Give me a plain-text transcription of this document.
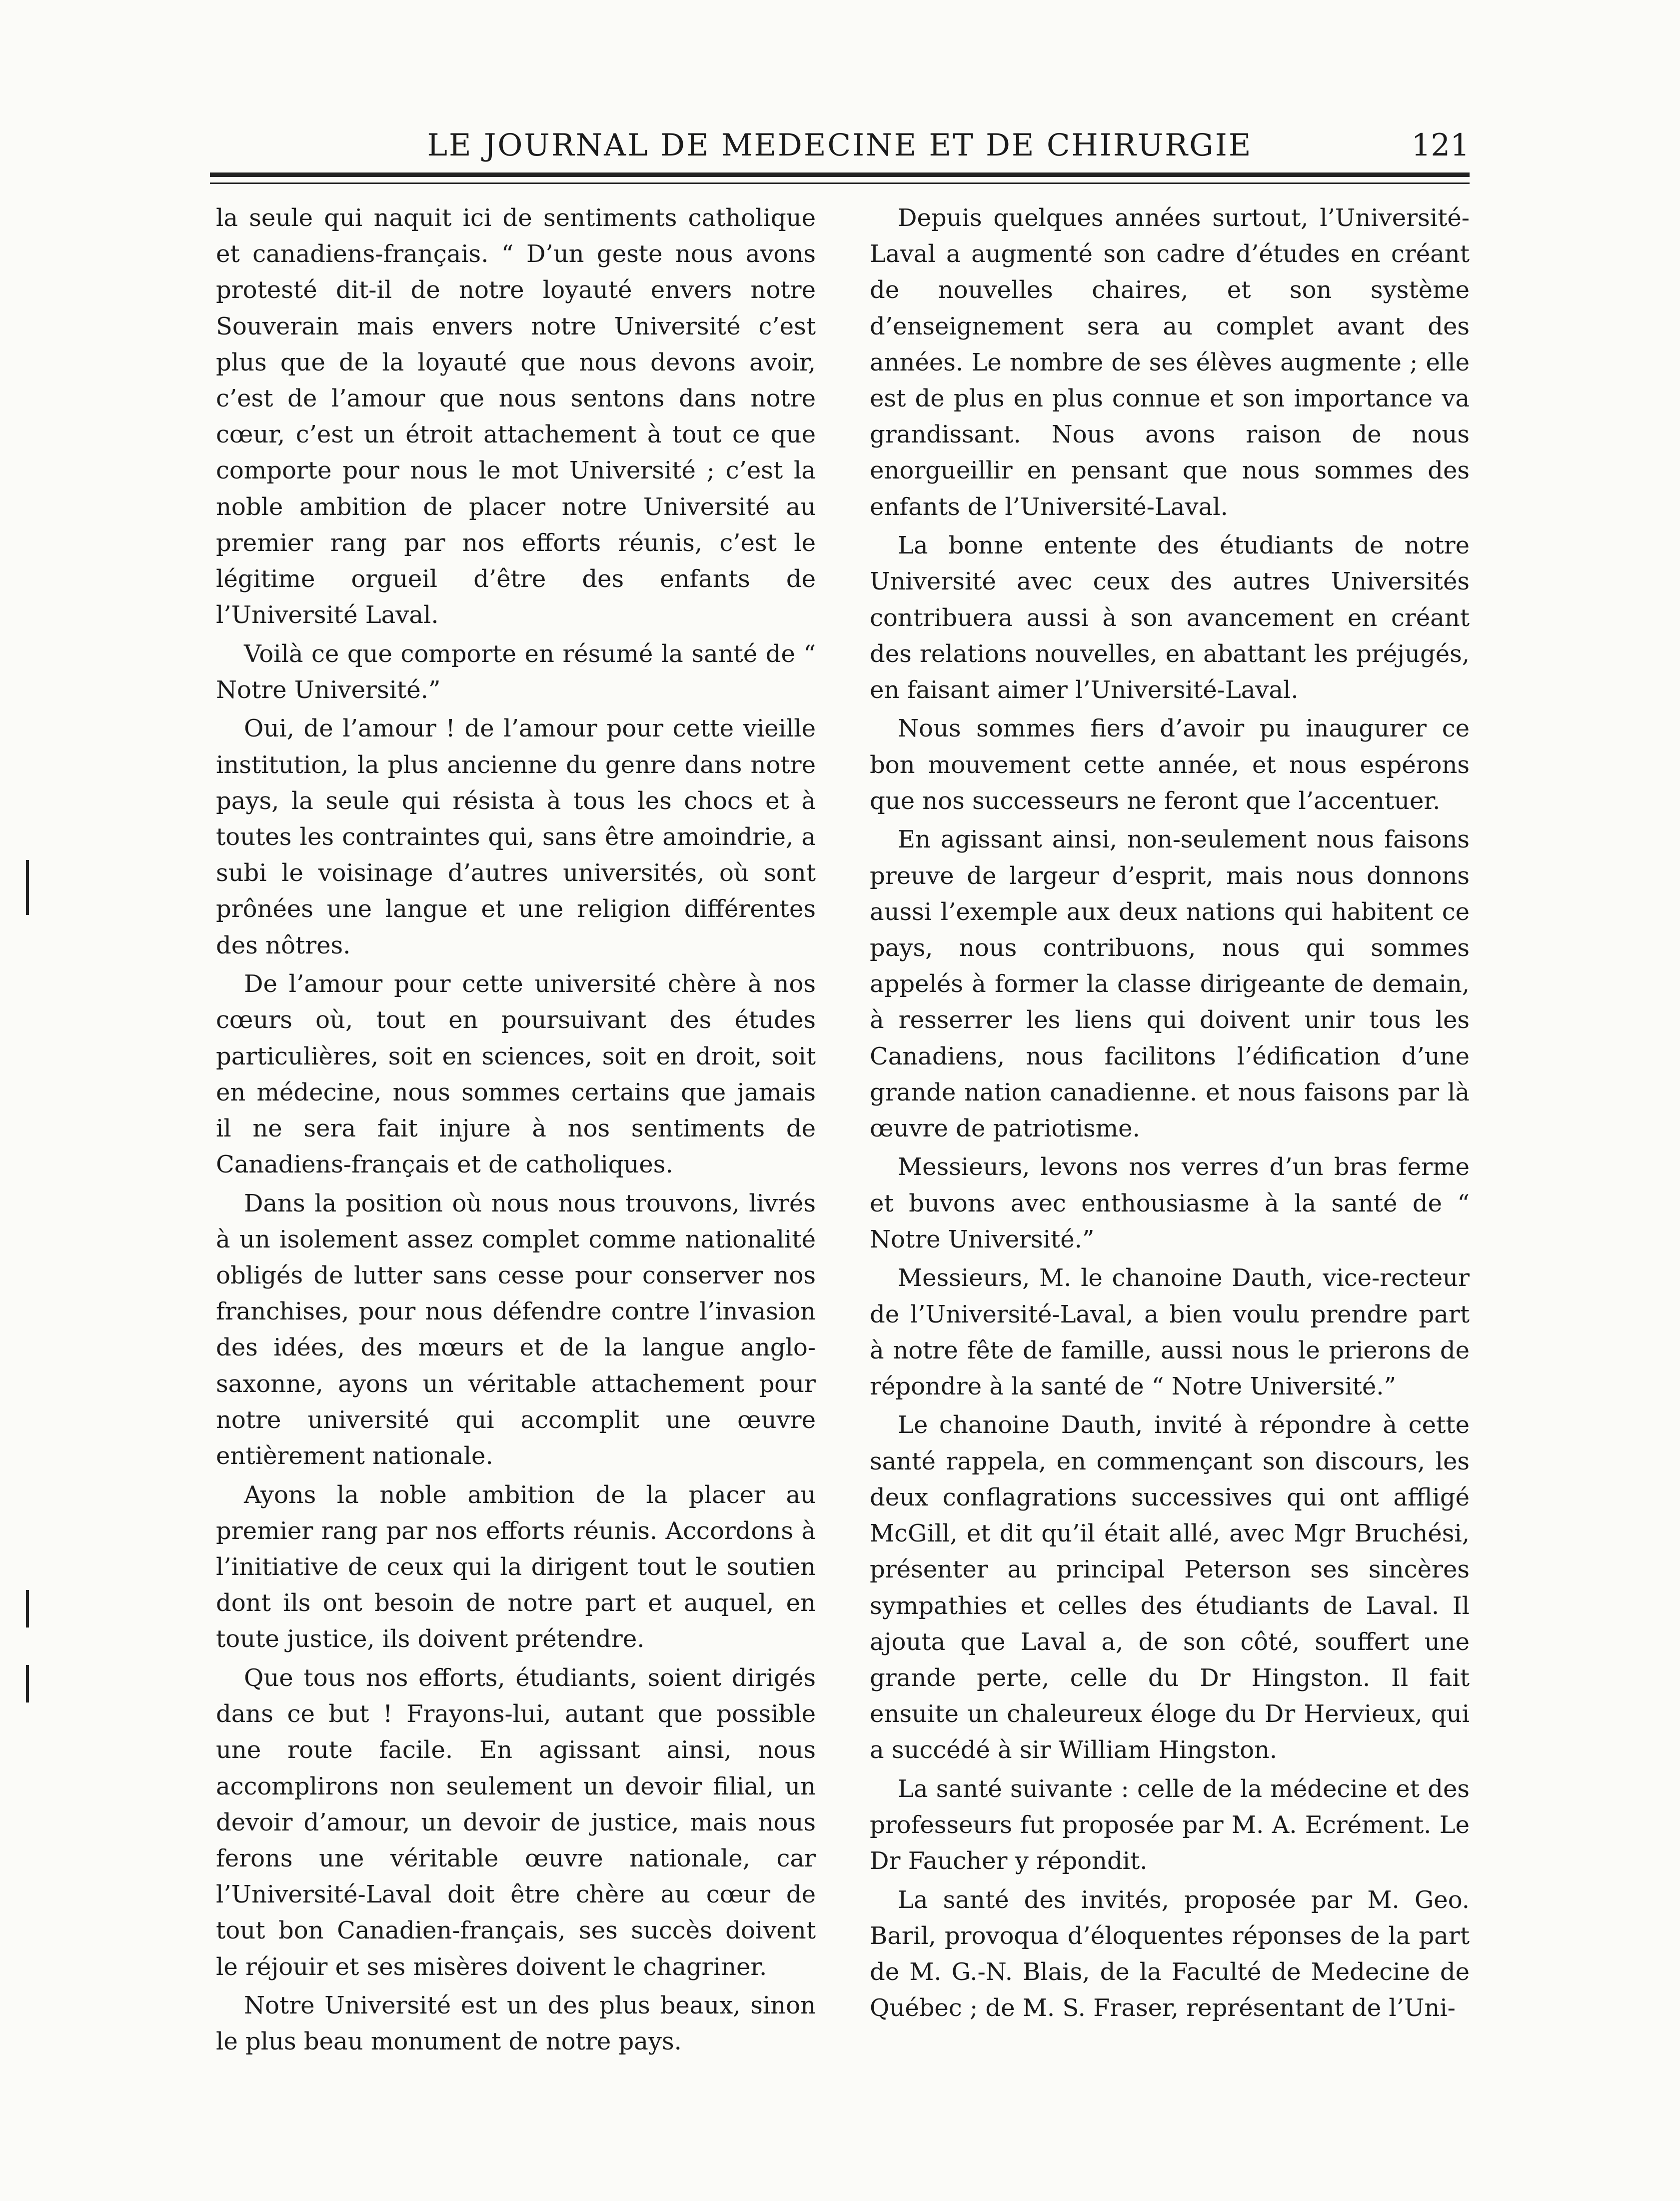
LE JOURNAL DE MEDECINE ET DE CHIRURGIE	121

la seule qui naquit ici de sentiments catholique et canadiens-français. “ D’un geste nous avons protesté dit-il de notre loyauté envers notre Souverain mais envers notre Université c’est plus que de la loyauté que nous devons avoir, c’est de l’amour que nous sentons dans notre cœur, c’est un étroit attachement à tout ce que comporte pour nous le mot Université ; c’est la noble ambition de placer notre Université au premier rang par nos efforts réunis, c’est le légitime orgueil d’être des enfants de l’Université Laval.

Voilà ce que comporte en résumé la santé de “ Notre Université.”

Oui, de l’amour ! de l’amour pour cette vieille institution, la plus ancienne du genre dans notre pays, la seule qui résista à tous les chocs et à toutes les contraintes qui, sans être amoindrie, a subi le voisinage d’autres universités, où sont prônées une langue et une religion différentes des nôtres.

De l’amour pour cette université chère à nos cœurs où, tout en poursuivant des études particulières, soit en sciences, soit en droit, soit en médecine, nous sommes certains que jamais il ne sera fait injure à nos sentiments de Canadiens-français et de catholiques.

Dans la position où nous nous trouvons, livrés à un isolement assez complet comme nationalité obligés de lutter sans cesse pour conserver nos franchises, pour nous défendre contre l’invasion des idées, des mœurs et de la langue anglo-saxonne, ayons un véritable attachement pour notre université qui accomplit une œuvre entièrement nationale.

Ayons la noble ambition de la placer au premier rang par nos efforts réunis. Accordons à l’initiative de ceux qui la dirigent tout le soutien dont ils ont besoin de notre part et auquel, en toute justice, ils doivent prétendre.

Que tous nos efforts, étudiants, soient dirigés dans ce but ! Frayons-lui, autant que possible une route facile. En agissant ainsi, nous accomplirons non seulement un devoir filial, un devoir d’amour, un devoir de justice, mais nous ferons une véritable œuvre nationale, car l’Université-Laval doit être chère au cœur de tout bon Canadien-français, ses succès doivent le réjouir et ses misères doivent le chagriner.

Notre Université est un des plus beaux, sinon le plus beau monument de notre pays.

Depuis quelques années surtout, l’Université-Laval a augmenté son cadre d’études en créant de nouvelles chaires, et son système d’enseignement sera au complet avant des années. Le nombre de ses élèves augmente ; elle est de plus en plus connue et son importance va grandissant. Nous avons raison de nous enorgueillir en pensant que nous sommes des enfants de l’Université-Laval.

La bonne entente des étudiants de notre Université avec ceux des autres Universités contribuera aussi à son avancement en créant des relations nouvelles, en abattant les préjugés, en faisant aimer l’Université-Laval.

Nous sommes fiers d’avoir pu inaugurer ce bon mouvement cette année, et nous espérons que nos successeurs ne feront que l’accentuer.

En agissant ainsi, non-seulement nous faisons preuve de largeur d’esprit, mais nous donnons aussi l’exemple aux deux nations qui habitent ce pays, nous contribuons, nous qui sommes appelés à former la classe dirigeante de demain, à resserrer les liens qui doivent unir tous les Canadiens, nous facilitons l’édification d’une grande nation canadienne. et nous faisons par là œuvre de patriotisme.

Messieurs, levons nos verres d’un bras ferme et buvons avec enthousiasme à la santé de “ Notre Université.”

Messieurs, M. le chanoine Dauth, vice-recteur de l’Université-Laval, a bien voulu prendre part à notre fête de famille, aussi nous le prierons de répondre à la santé de “ Notre Université.”

Le chanoine Dauth, invité à répondre à cette santé rappela, en commençant son discours, les deux conflagrations successives qui ont affligé McGill, et dit qu’il était allé, avec Mgr Bruchési, présenter au principal Peterson ses sincères sympathies et celles des étudiants de Laval. Il ajouta que Laval a, de son côté, souffert une grande perte, celle du Dr Hingston. Il fait ensuite un chaleureux éloge du Dr Hervieux, qui a succédé à sir William Hingston.

La santé suivante : celle de la médecine et des professeurs fut proposée par M. A. Ecrément. Le Dr Faucher y répondit.

La santé des invités, proposée par M. Geo. Baril, provoqua d’éloquentes réponses de la part de M. G.-N. Blais, de la Faculté de Medecine de Québec ; de M. S. Fraser, représentant de l’Uni-
